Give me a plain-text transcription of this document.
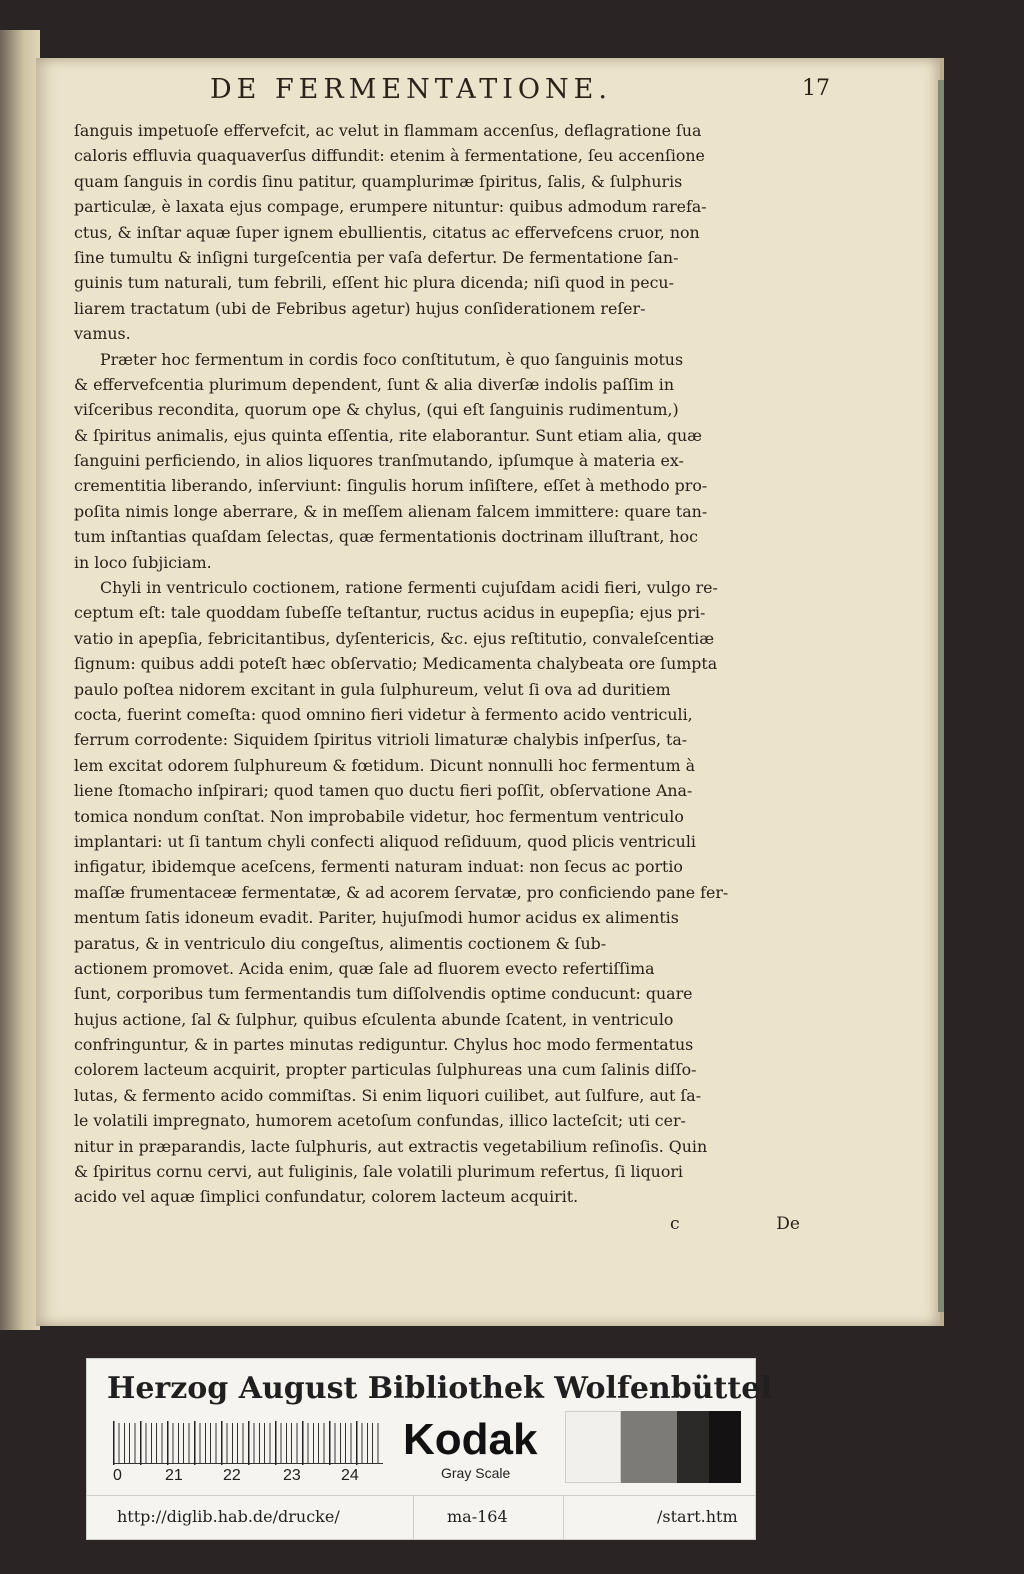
DE FERMENTATIONE.	17
ſanguis impetuoſe effervefcit, ac velut in flammam accenſus, deflagratione ſua
caloris effluvia quaquaverſus diffundit: etenim à fermentatione, ſeu accenſione
quam ſanguis in cordis ſinu patitur, quamplurimæ ſpiritus, ſalis, & ſulphuris
particulæ, è laxata ejus compage, erumpere nituntur: quibus admodum rarefa-
ctus, & inſtar aquæ ſuper ignem ebullientis, citatus ac effervefcens cruor, non
ſine tumultu & inſigni turgeſcentia per vaſa defertur. De fermentatione ſan-
guinis tum naturali, tum febrili, eſſent hic plura dicenda; niſi quod in pecu-
liarem tractatum (ubi de Febribus agetur) hujus conſiderationem reſer-
vamus.
Præter hoc fermentum in cordis foco conſtitutum, è quo ſanguinis motus
& effervefcentia plurimum dependent, ſunt & alia diverſæ indolis paſſim in
viſceribus recondita, quorum ope & chylus, (qui eſt ſanguinis rudimentum,)
& ſpiritus animalis, ejus quinta eſſentia, rite elaborantur. Sunt etiam alia, quæ
ſanguini perficiendo, in alios liquores tranſmutando, ipſumque à materia ex-
crementitia liberando, inſerviunt: ſingulis horum inſiſtere, eſſet à methodo pro-
poſita nimis longe aberrare, & in meſſem alienam falcem immittere: quare tan-
tum inſtantias quaſdam ſelectas, quæ fermentationis doctrinam illuſtrant, hoc
in loco ſubjiciam.
Chyli in ventriculo coctionem, ratione fermenti cujuſdam acidi fieri, vulgo re-
ceptum eſt: tale quoddam ſubeſſe teſtantur, ructus acidus in eupepſia; ejus pri-
vatio in apepſia, febricitantibus, dyſentericis, &c. ejus reſtitutio, convaleſcentiæ
ſignum: quibus addi poteſt hæc obſervatio; Medicamenta chalybeata ore ſumpta
paulo poſtea nidorem excitant in gula ſulphureum, velut ſi ova ad duritiem
cocta, fuerint comeſta: quod omnino fieri videtur à fermento acido ventriculi,
ferrum corrodente: Siquidem ſpiritus vitrioli limaturæ chalybis inſperſus, ta-
lem excitat odorem ſulphureum & fœtidum. Dicunt nonnulli hoc fermentum à
liene ſtomacho inſpirari; quod tamen quo ductu fieri poſſit, obſervatione Ana-
tomica nondum conſtat. Non improbabile videtur, hoc fermentum ventriculo
implantari: ut ſi tantum chyli confecti aliquod reſiduum, quod plicis ventriculi
infigatur, ibidemque aceſcens, fermenti naturam induat: non ſecus ac portio
maſſæ frumentaceæ fermentatæ, & ad acorem ſervatæ, pro conficiendo pane fer-
mentum ſatis idoneum evadit. Pariter, hujuſmodi humor acidus ex alimentis
paratus, & in ventriculo diu congeſtus, alimentis coctionem & ſub-
actionem promovet. Acida enim, quæ ſale ad fluorem evecto refertiſſima
ſunt, corporibus tum fermentandis tum diſſolvendis optime conducunt: quare
hujus actione, ſal & ſulphur, quibus eſculenta abunde ſcatent, in ventriculo
confringuntur, & in partes minutas rediguntur. Chylus hoc modo fermentatus
colorem lacteum acquirit, propter particulas ſulphureas una cum ſalinis diſſo-
lutas, & fermento acido commiſtas. Si enim liquori cuilibet, aut ſulfure, aut ſa-
le volatili impregnato, humorem acetoſum confundas, illico lacteſcit; uti cer-
nitur in præparandis, lacte ſulphuris, aut extractis vegetabilium reſinoſis. Quin
& ſpiritus cornu cervi, aut fuliginis, ſale volatili plurimum refertus, ſi liquori
acido vel aquæ ſimplici confundatur, colorem lacteum acquirit.
c	De
Herzog August Bibliothek Wolfenbüttel
0	21	22	23	24
Kodak
Gray Scale
http://diglib.hab.de/drucke/	ma-164	/start.htm
